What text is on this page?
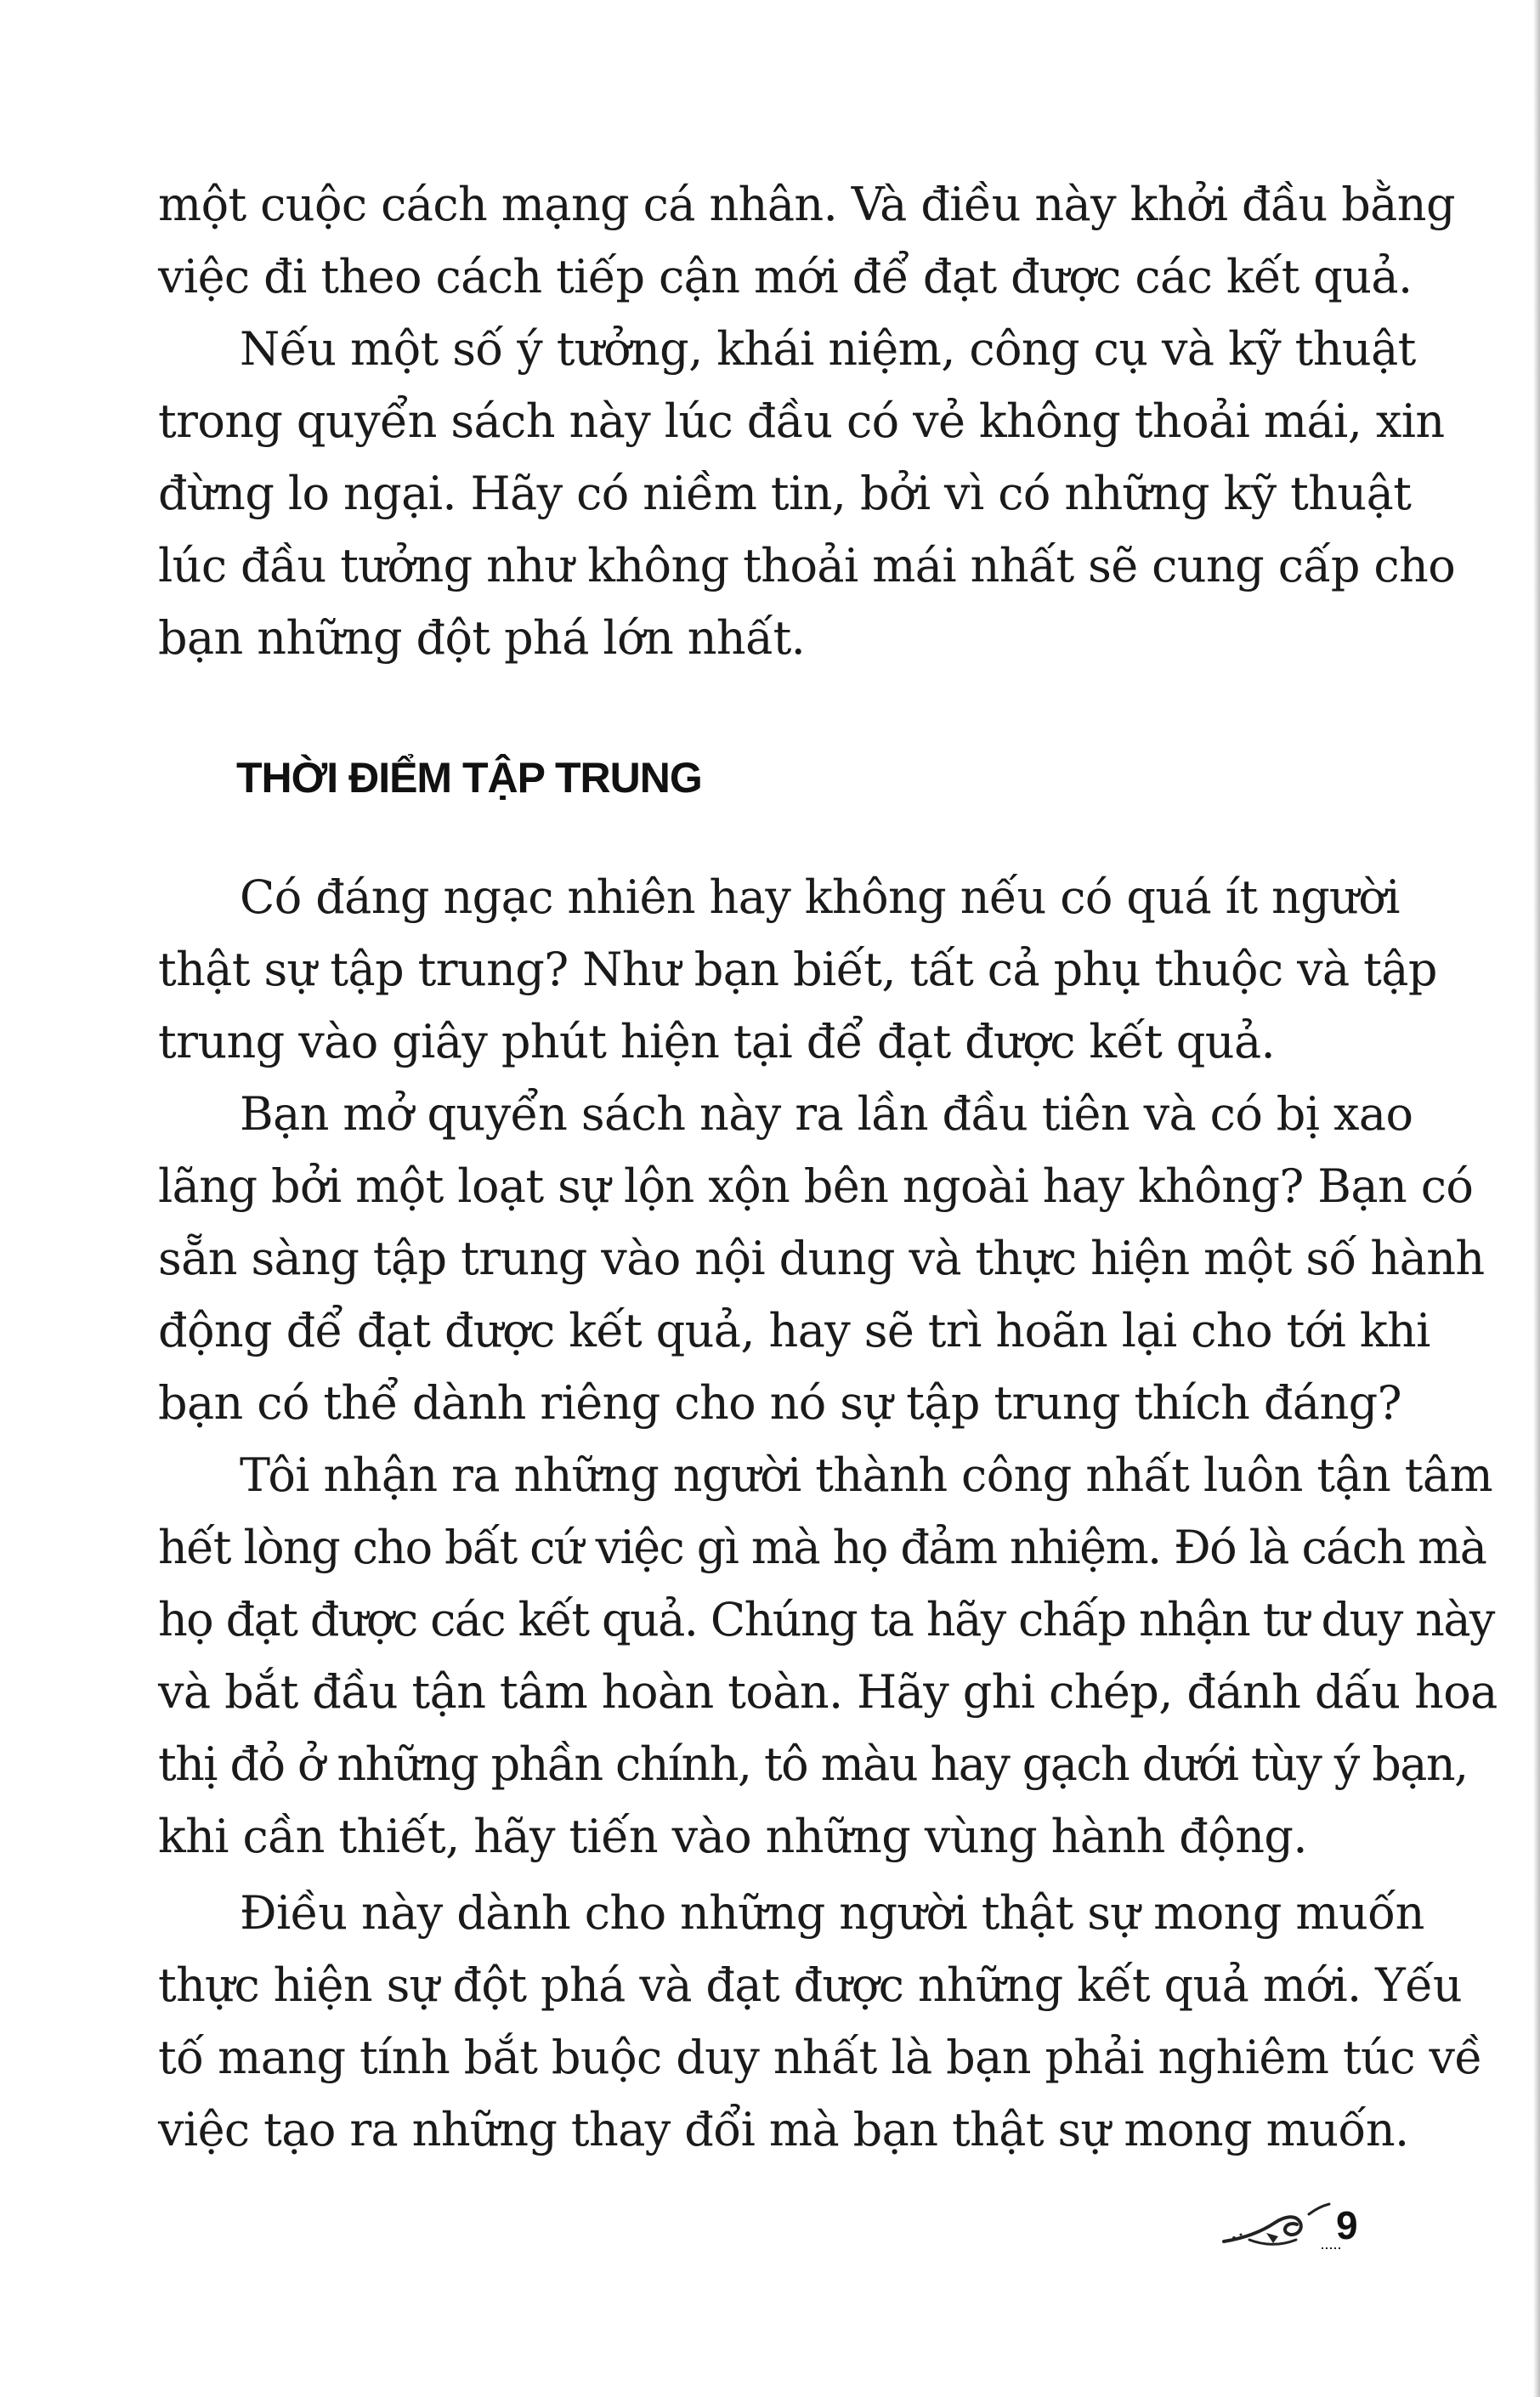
một cuộc cách mạng cá nhân. Và điều này khởi đầu bằng
việc đi theo cách tiếp cận mới để đạt được các kết quả.
Nếu một số ý tưởng, khái niệm, công cụ và kỹ thuật
trong quyển sách này lúc đầu có vẻ không thoải mái, xin
đừng lo ngại. Hãy có niềm tin, bởi vì có những kỹ thuật
lúc đầu tưởng như không thoải mái nhất sẽ cung cấp cho
bạn những đột phá lớn nhất.
THỜI ĐIỂM TẬP TRUNG
Có đáng ngạc nhiên hay không nếu có quá ít người
thật sự tập trung? Như bạn biết, tất cả phụ thuộc và tập
trung vào giây phút hiện tại để đạt được kết quả.
Bạn mở quyển sách này ra lần đầu tiên và có bị xao
lãng bởi một loạt sự lộn xộn bên ngoài hay không? Bạn có
sẵn sàng tập trung vào nội dung và thực hiện một số hành
động để đạt được kết quả, hay sẽ trì hoãn lại cho tới khi
bạn có thể dành riêng cho nó sự tập trung thích đáng?
Tôi nhận ra những người thành công nhất luôn tận tâm
hết lòng cho bất cứ việc gì mà họ đảm nhiệm. Đó là cách mà
họ đạt được các kết quả. Chúng ta hãy chấp nhận tư duy này
và bắt đầu tận tâm hoàn toàn. Hãy ghi chép, đánh dấu hoa
thị đỏ ở những phần chính, tô màu hay gạch dưới tùy ý bạn,
khi cần thiết, hãy tiến vào những vùng hành động.
Điều này dành cho những người thật sự mong muốn
thực hiện sự đột phá và đạt được những kết quả mới. Yếu
tố mang tính bắt buộc duy nhất là bạn phải nghiêm túc về
việc tạo ra những thay đổi mà bạn thật sự mong muốn.
9
